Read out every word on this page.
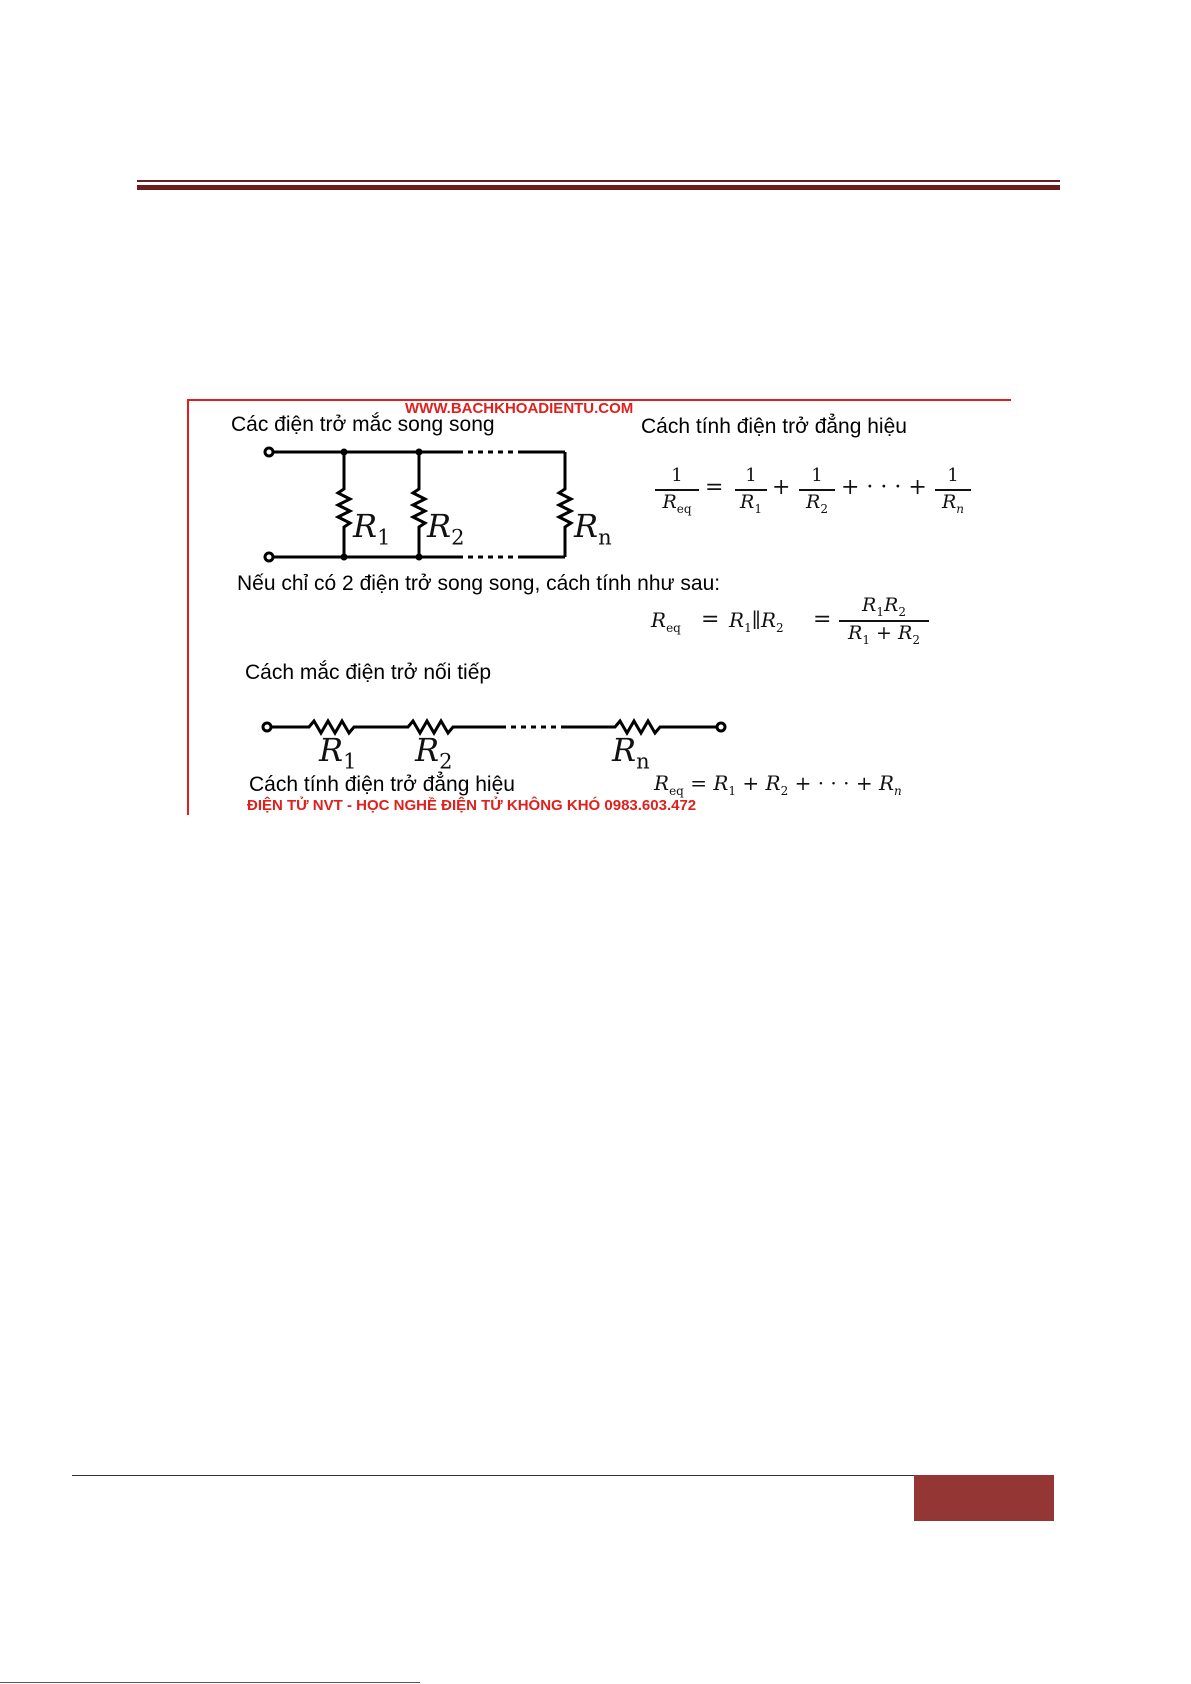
WWW.BACHKHOADIENTU.COM
Các điện trở mắc song song	Cách tính điện trở đẳng hiệu
Nếu chỉ có 2 điện trở song song, cách tính như sau:
Cách mắc điện trở nối tiếp
Cách tính điện trở đẳng hiệu
ĐIỆN TỬ NVT - HỌC NGHỀ ĐIỆN TỬ KHÔNG KHÓ 0983.603.472
$R_1$ $R_2$	$R_n$
$R_1$ $R_2$	$R_n$
1
$R_{eq}$
=	1
$R_1$
+	1
$R_2$
+ · · · +	1
$R_n$
$R_{eq}$ = $R_1\parallel R_2$ =
$R_1R_2$
$R_1 + R_2$
$R_{eq} = R_1 + R_2$ + · · · + $R_n$
